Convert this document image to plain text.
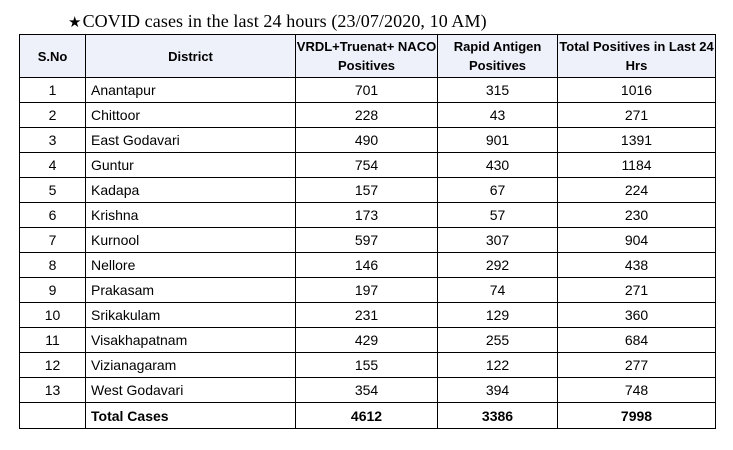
★COVID cases in the last 24 hours (23/07/2020, 10 AM)
S.No	District	VRDL+Truenat+ NACO Positives	Rapid Antigen Positives	Total Positives in Last 24 Hrs
1	Anantapur	701	315	1016
2	Chittoor	228	43	271
3	East Godavari	490	901	1391
4	Guntur	754	430	1184
5	Kadapa	157	67	224
6	Krishna	173	57	230
7	Kurnool	597	307	904
8	Nellore	146	292	438
9	Prakasam	197	74	271
10	Srikakulam	231	129	360
11	Visakhapatnam	429	255	684
12	Vizianagaram	155	122	277
13	West Godavari	354	394	748
	Total Cases	4612	3386	7998
